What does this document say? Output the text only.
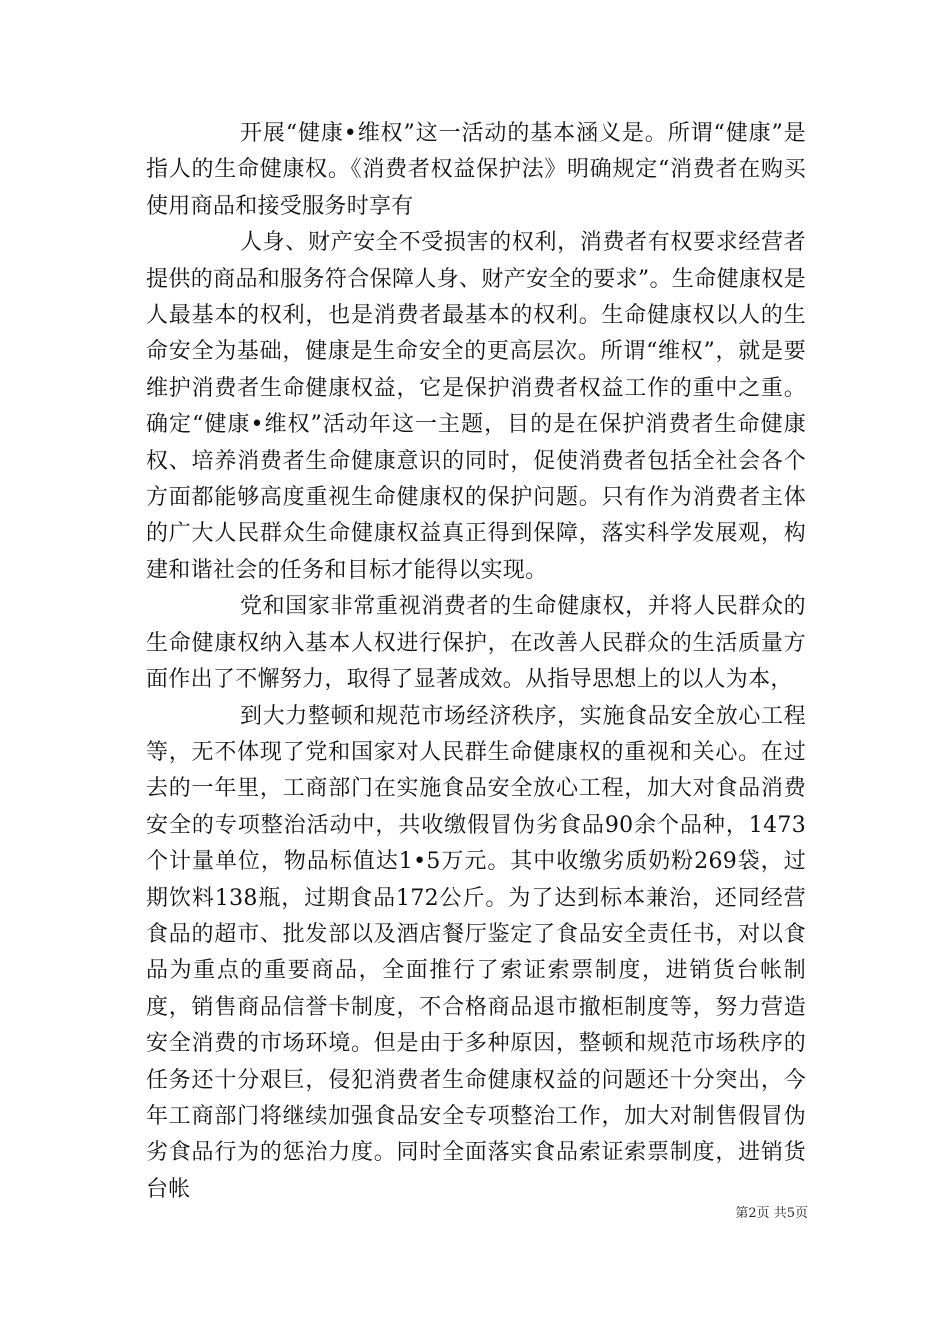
开展“健康•维权”这一活动的基本涵义是。所谓“健康”是指人的生命健康权。《消费者权益保护法》明确规定“消费者在购买使用商品和接受服务时享有

人身、财产安全不受损害的权利，消费者有权要求经营者提供的商品和服务符合保障人身、财产安全的要求”。生命健康权是人最基本的权利，也是消费者最基本的权利。生命健康权以人的生命安全为基础，健康是生命安全的更高层次。所谓“维权”，就是要维护消费者生命健康权益，它是保护消费者权益工作的重中之重。确定“健康•维权”活动年这一主题，目的是在保护消费者生命健康权、培养消费者生命健康意识的同时，促使消费者包括全社会各个方面都能够高度重视生命健康权的保护问题。只有作为消费者主体的广大人民群众生命健康权益真正得到保障，落实科学发展观，构建和谐社会的任务和目标才能得以实现。

党和国家非常重视消费者的生命健康权，并将人民群众的生命健康权纳入基本人权进行保护，在改善人民群众的生活质量方面作出了不懈努力，取得了显著成效。从指导思想上的以人为本，

到大力整顿和规范市场经济秩序，实施食品安全放心工程等，无不体现了党和国家对人民群生命健康权的重视和关心。在过去的一年里，工商部门在实施食品安全放心工程，加大对食品消费安全的专项整治活动中，共收缴假冒伪劣食品90余个品种，1473个计量单位，物品标值达1•5万元。其中收缴劣质奶粉269袋，过期饮料138瓶，过期食品172公斤。为了达到标本兼治，还同经营食品的超市、批发部以及酒店餐厅鉴定了食品安全责任书，对以食品为重点的重要商品，全面推行了索证索票制度，进销货台帐制度，销售商品信誉卡制度，不合格商品退市撤柜制度等，努力营造安全消费的市场环境。但是由于多种原因，整顿和规范市场秩序的任务还十分艰巨，侵犯消费者生命健康权益的问题还十分突出，今年工商部门将继续加强食品安全专项整治工作，加大对制售假冒伪劣食品行为的惩治力度。同时全面落实食品索证索票制度，进销货台帐

第2页 共5页
